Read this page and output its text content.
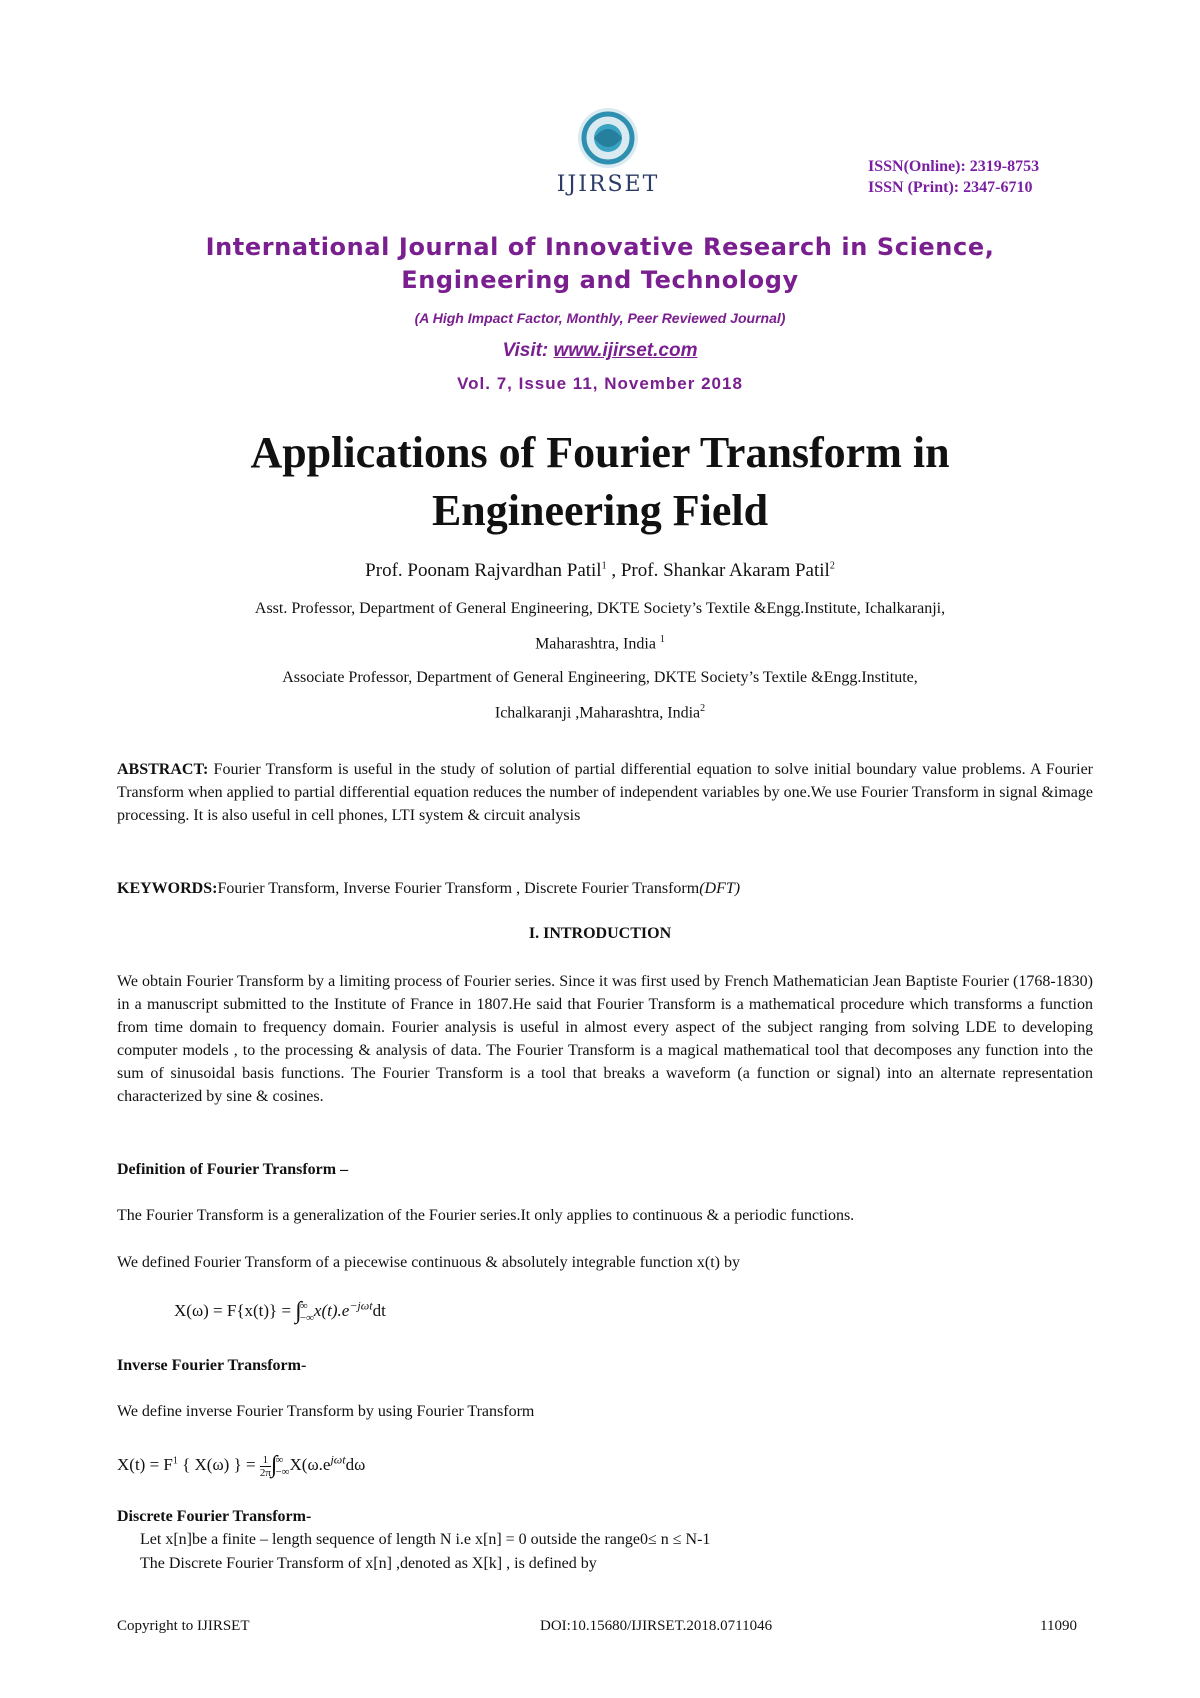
IJIRSET
ISSN(Online): 2319-8753
ISSN (Print): 2347-6710
International Journal of Innovative Research in Science,
Engineering and Technology
(A High Impact Factor, Monthly, Peer Reviewed Journal)
Visit: www.ijirset.com
Vol. 7, Issue 11, November 2018
Applications of Fourier Transform in
Engineering Field
Prof. Poonam Rajvardhan Patil$^1$ , Prof. Shankar Akaram Patil$^2$
Asst. Professor, Department of General Engineering, DKTE Society’s Textile &Engg.Institute, Ichalkaranji,
Maharashtra, India $^1$
Associate Professor, Department of General Engineering, DKTE Society’s Textile &Engg.Institute,
Ichalkaranji ,Maharashtra, India$^2$
ABSTRACT: Fourier Transform is useful in the study of solution of partial differential equation to solve initial boundary value problems. A Fourier Transform when applied to partial differential equation reduces the number of independent variables by one.We use Fourier Transform in signal &image processing. It is also useful in cell phones, LTI system & circuit analysis
KEYWORDS:Fourier Transform, Inverse Fourier Transform , Discrete Fourier Transform(DFT)
I. INTRODUCTION
We obtain Fourier Transform by a limiting process of Fourier series. Since it was first used by French Mathematician Jean Baptiste Fourier (1768-1830) in a manuscript submitted to the Institute of France in 1807.He said that Fourier Transform is a mathematical procedure which transforms a function from time domain to frequency domain. Fourier analysis is useful in almost every aspect of the subject ranging from solving LDE to developing computer models , to the processing & analysis of data. The Fourier Transform is a magical mathematical tool that decomposes any function into the sum of sinusoidal basis functions. The Fourier Transform is a tool that breaks a waveform (a function or signal) into an alternate representation characterized by sine & cosines.
Definition of Fourier Transform –
The Fourier Transform is a generalization of the Fourier series.It only applies to continuous & a periodic functions.
We defined Fourier Transform of a piecewise continuous & absolutely integrable function x(t) by
X(ω) = F{x(t)} = ∫
∞
−∞ $x(t).e^{-j\omega t}dt$
Inverse Fourier Transform-
We define inverse Fourier Transform by using Fourier Transform
$X(t) = F^1$ { X(ω) } = $\frac{1}{2\pi}$ ∫
∞
−∞ $X(\omega.e^{j\omega t}d\omega$
Discrete Fourier Transform-
Let x[n]be a finite – length sequence of length N i.e x[n] = 0 outside the range0≤ n ≤ N-1
The Discrete Fourier Transform of x[n] ,denoted as X[k] , is defined by
Copyright to IJIRSET	DOI:10.15680/IJIRSET.2018.0711046	11090
